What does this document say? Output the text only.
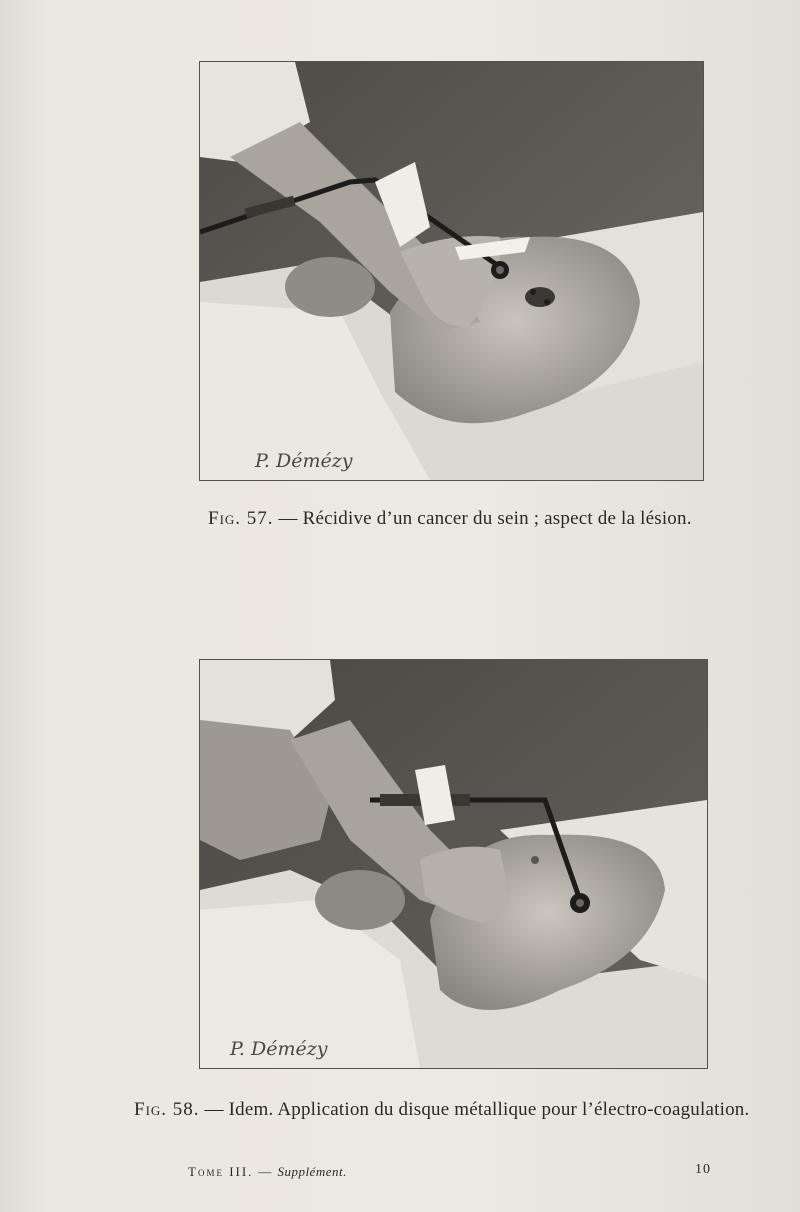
P. Démézy
Fig. 57. — Récidive d’un cancer du sein ; aspect de la lésion.
P. Démézy
Fig. 58. — Idem. Application du disque métallique pour l’électro-coagulation.
Tome III. — Supplément.	10
